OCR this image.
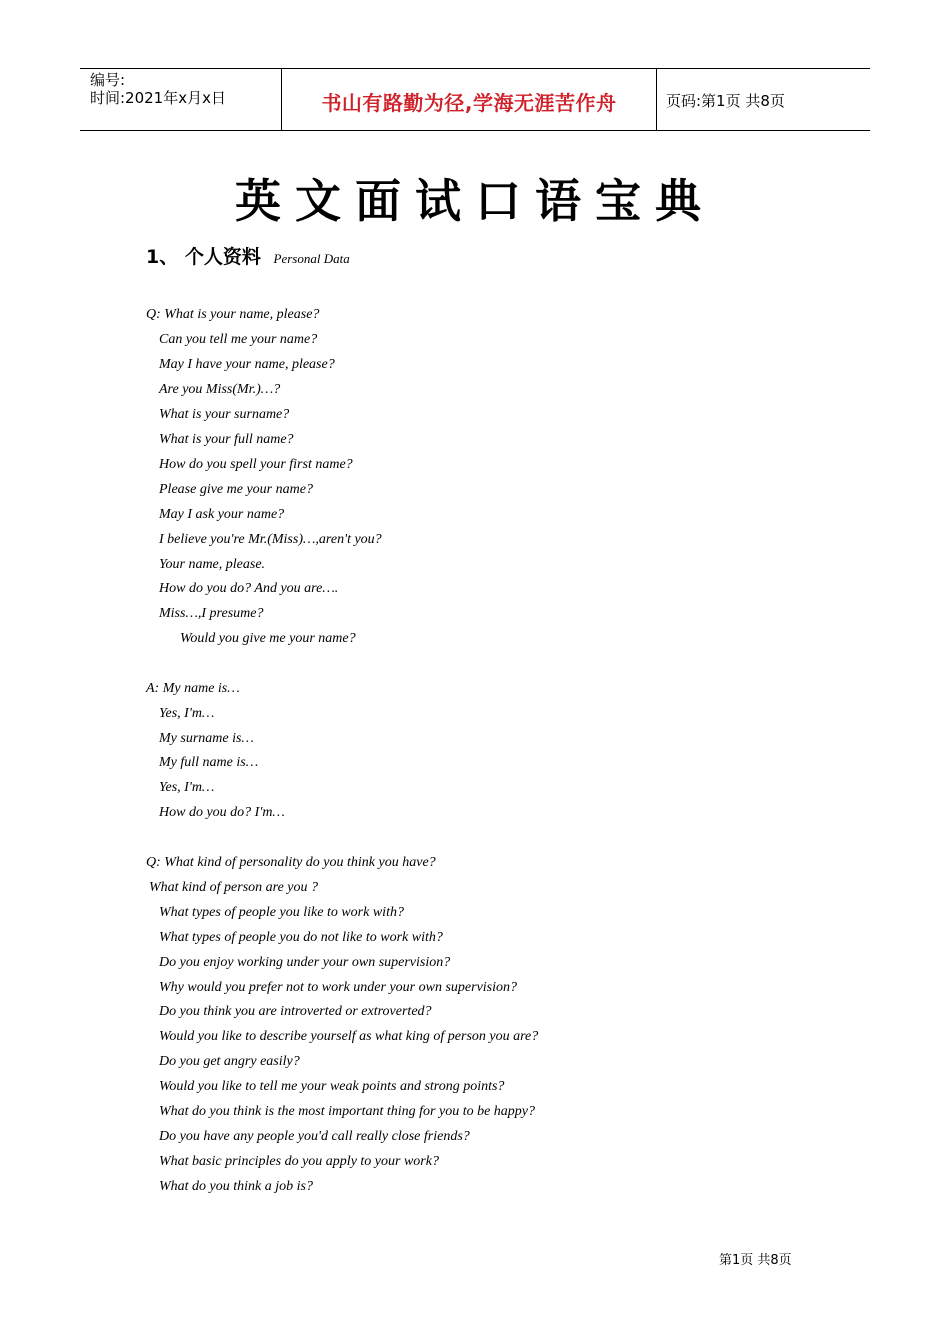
编号:
时间:2021年x月x日	书山有路勤为径,学海无涯苦作舟	页码:第1页 共8页
英文面试口语宝典
1、 个人资料 Personal Data
Q: What is your name, please?
Can you tell me your name?
May I have your name, please?
Are you Miss(Mr.)…?
What is your surname?
What is your full name?
How do you spell your first name?
Please give me your name?
May I ask your name?
I believe you're Mr.(Miss)…,aren't you?
Your name, please.
How do you do? And you are….
Miss…,I presume?
Would you give me your name?
A: My name is…
Yes, I'm…
My surname is…
My full name is…
Yes, I'm…
How do you do? I'm…
Q: What kind of personality do you think you have?
What kind of person are you ?
What types of people you like to work with?
What types of people you do not like to work with?
Do you enjoy working under your own supervision?
Why would you prefer not to work under your own supervision?
Do you think you are introverted or extroverted?
Would you like to describe yourself as what king of person you are?
Do you get angry easily?
Would you like to tell me your weak points and strong points?
What do you think is the most important thing for you to be happy?
Do you have any people you'd call really close friends?
What basic principles do you apply to your work?
What do you think a job is?
第1页 共8页
